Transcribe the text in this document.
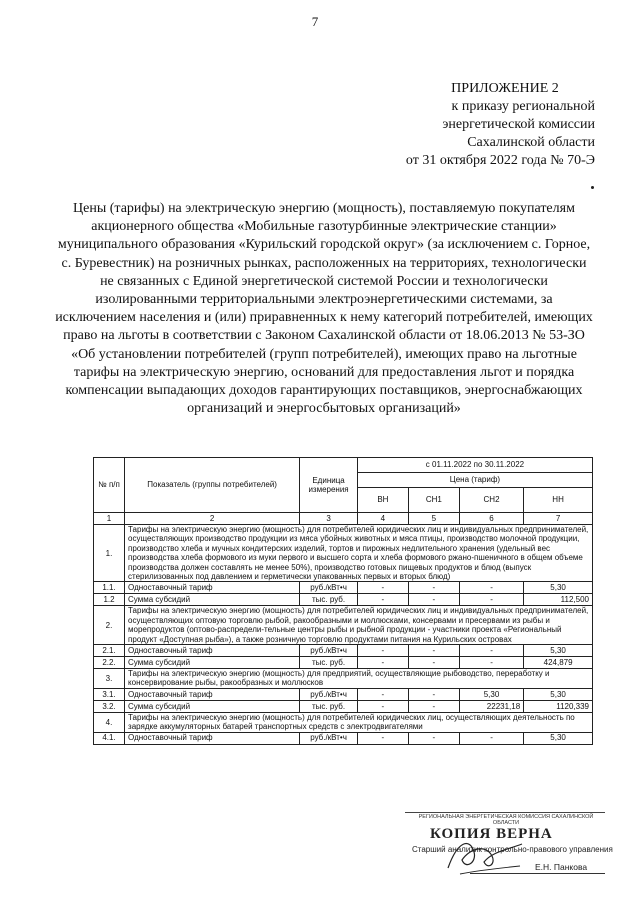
7
ПРИЛОЖЕНИЕ 2
к приказу региональной
энергетической комиссии
Сахалинской области
от 31 октября 2022 года № 70-Э
Цены (тарифы) на электрическую энергию (мощность), поставляемую покупателям акционерного общества «Мобильные газотурбинные электрические станции» муниципального образования «Курильский городской округ» (за исключением с. Горное, с. Буревестник) на розничных рынках, расположенных на территориях, технологически не связанных с Единой энергетической системой России и технологически изолированными территориальными электроэнергетическими системами, за исключением населения и (или) приравненных к нему категорий потребителей, имеющих право на льготы в соответствии с Законом Сахалинской области от 18.06.2013 № 53-ЗО «Об установлении потребителей (групп потребителей), имеющих право на льготные тарифы на электрическую энергию, оснований для предоставления льгот и порядка компенсации выпадающих доходов гарантирующих поставщиков, энергоснабжающих организаций и энергосбытовых организаций»
№ п/п	Показатель (группы потребителей)	Единица измерения	с 01.11.2022 по 30.11.2022			
			Цена (тариф)			
			ВН	СН1	СН2	НН
1	2	3	4	5	6	7
1.	Тарифы на электрическую энергию (мощность) для потребителей юридических лиц и индивидуальных предпринимателей, осуществляющих производство продукции из мяса убойных животных и мяса птицы, производство молочной продукции, производство хлеба и мучных кондитерских изделий, тортов и пирожных недлительного хранения (удельный вес производства хлеба формового из муки первого и высшего сорта и хлеба формового ржано-пшеничного в общем объеме производства должен составлять не менее 50%), производство готовых пищевых продуктов и блюд (выпуск стерилизованных под давлением и герметически упакованных первых и вторых блюд)					
1.1.	Одноставочный тариф	руб./кВт•ч	-	-	-	5,30
1.2	Сумма субсидий	тыс. руб.	-	-	-	112,500
2.	Тарифы на электрическую энергию (мощность) для потребителей юридических лиц и индивидуальных предпринимателей, осуществляющих оптовую торговлю рыбой, ракообразными и моллюсками, консервами и пресервами из рыбы и морепродуктов (оптово-распредели-тельные центры рыбы и рыбной продукции - участники проекта «Региональный продукт «Доступная рыба»), а также розничную торговлю продуктами питания на Курильских островах					
2.1.	Одноставочный тариф	руб./кВт•ч	-	-	-	5,30
2.2.	Сумма субсидий	тыс. руб.	-	-	-	424,879
3.	Тарифы на электрическую энергию (мощность) для предприятий, осуществляющие рыбоводство, переработку и консервирование рыбы, ракообразных и моллюсков					
3.1.	Одноставочный тариф	руб./кВт•ч	-	-	5,30	5,30
3.2.	Сумма субсидий	тыс. руб.	-	-	22231,18	1120,339
4.	Тарифы на электрическую энергию (мощность) для потребителей юридических лиц, осуществляющих деятельность по зарядке аккумуляторных батарей транспортных средств с электродвигателями					
4.1.	Одноставочный тариф	руб./кВт•ч	-	-	-	5,30
РЕГИОНАЛЬНАЯ ЭНЕРГЕТИЧЕСКАЯ КОМИССИЯ САХАЛИНСКОЙ ОБЛАСТИ
КОПИЯ ВЕРНА
Старший аналитик контрольно-правового управления
Е.Н. Панкова
